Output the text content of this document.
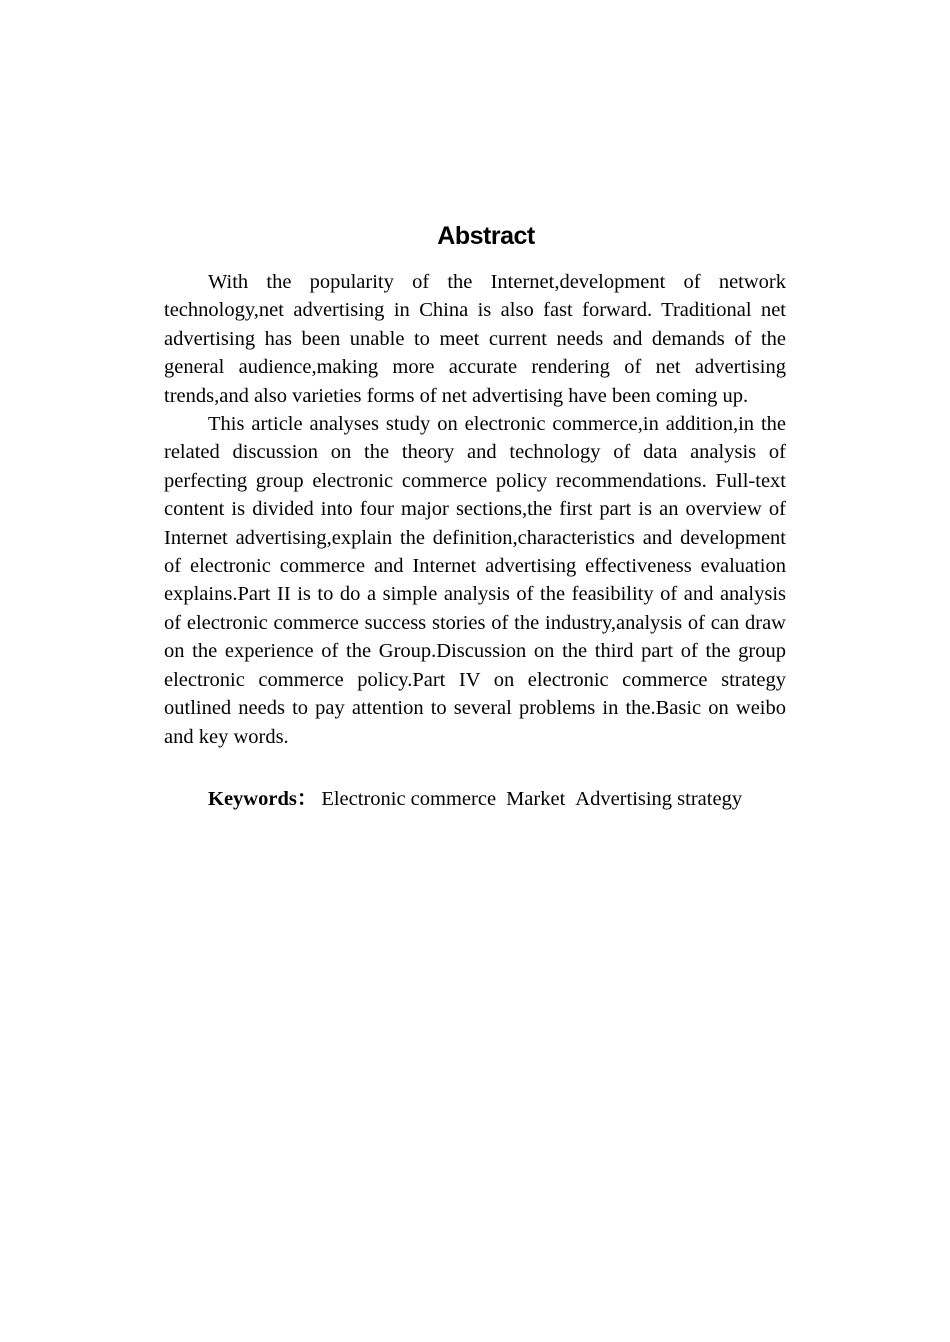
Abstract

With the popularity of the Internet,development of network technology,net advertising in China is also fast forward. Traditional net advertising has been unable to meet current needs and demands of the general audience,making more accurate rendering of net advertising trends,and also varieties forms of net advertising have been coming up.

This article analyses study on electronic commerce,in addition,in the related discussion on the theory and technology of data analysis of perfecting group electronic commerce policy recommendations. Full-text content is divided into four major sections,the first part is an overview of Internet advertising,explain the definition,characteristics and development of electronic commerce and Internet advertising effectiveness evaluation explains.Part II is to do a simple analysis of the feasibility of and analysis of electronic commerce success stories of the industry,analysis of can draw on the experience of the Group.Discussion on the third part of the group electronic commerce policy.Part IV on electronic commerce strategy outlined needs to pay attention to several problems in the.Basic on weibo and key words.

Keywords： Electronic commerce Market Advertising strategy
